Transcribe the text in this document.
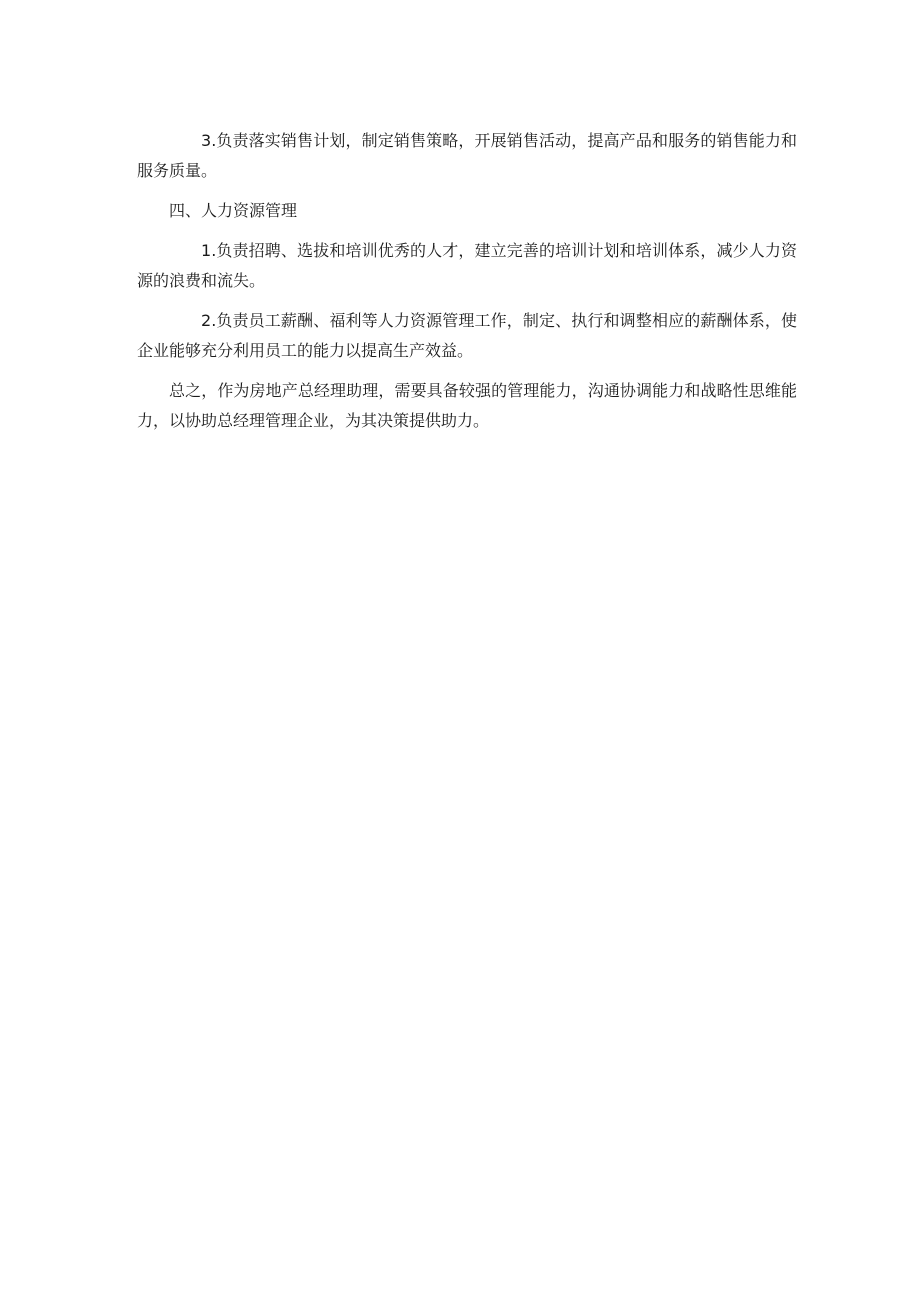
3.负责落实销售计划，制定销售策略，开展销售活动，提高产品和服务的销售能力和服务质量。

四、人力资源管理

1.负责招聘、选拔和培训优秀的人才，建立完善的培训计划和培训体系，减少人力资源的浪费和流失。

2.负责员工薪酬、福利等人力资源管理工作，制定、执行和调整相应的薪酬体系，使企业能够充分利用员工的能力以提高生产效益。

总之，作为房地产总经理助理，需要具备较强的管理能力，沟通协调能力和战略性思维能力，以协助总经理管理企业，为其决策提供助力。
